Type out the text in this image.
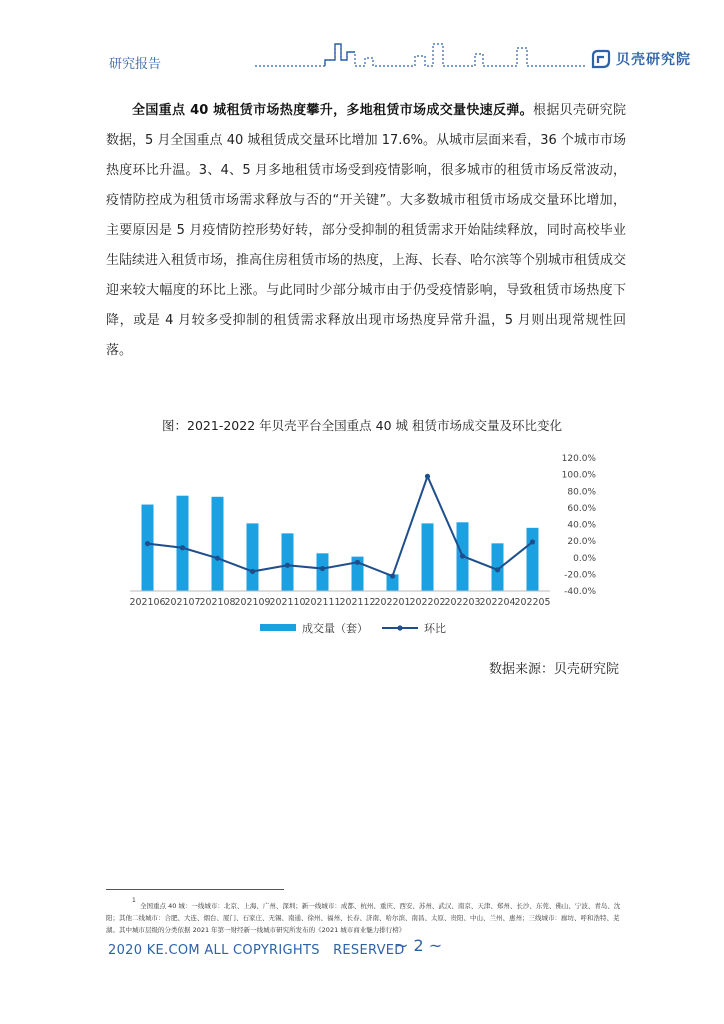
研究报告	贝壳研究院

全国重点 40 城租赁市场热度攀升，多地租赁市场成交量快速反弹。根据贝壳研究院数据，5 月全国重点 40 城租赁成交量环比增加 17.6%。从城市层面来看，36 个城市市场热度环比升温。3、4、5 月多地租赁市场受到疫情影响，很多城市的租赁市场反常波动，疫情防控成为租赁市场需求释放与否的“开关键”。大多数城市租赁市场成交量环比增加，主要原因是 5 月疫情防控形势好转，部分受抑制的租赁需求开始陆续释放，同时高校毕业生陆续进入租赁市场，推高住房租赁市场的热度，上海、长春、哈尔滨等个别城市租赁成交迎来较大幅度的环比上涨。与此同时少部分城市由于仍受疫情影响，导致租赁市场热度下降，或是 4 月较多受抑制的租赁需求释放出现市场热度异常升温，5 月则出现常规性回落。

图：2021-2022 年贝壳平台全国重点 40 城 租赁市场成交量及环比变化
202106 202107 202108 202109 202110 202111 202112 202201 202202 202203 202204 202205
-40.0%
-20.0%
0.0%
20.0%
40.0%
60.0%
80.0%
100.0%
120.0%
成交量（套）	环比
数据来源：贝壳研究院
1
全国重点 40 城：一线城市：北京、上海、广州、深圳；新一线城市：成都、杭州、重庆、西安、苏州、武汉、南京、天津、郑州、长沙、东莞、佛山、宁波、青岛、沈阳；其他二线城市：合肥、大连、烟台、厦门、石家庄、无锡、南通、徐州、福州、长春、济南、哈尔滨、南昌、太原、贵阳、中山、兰州、惠州；三线城市：廊坊、呼和浩特、芜湖。其中城市层级的分类依据 2021 年第一财经新一线城市研究所发布的《2021 城市商业魅力排行榜》
2020 KE.COM ALL COPYRIGHTS　RESERVED
~ 2 ~
